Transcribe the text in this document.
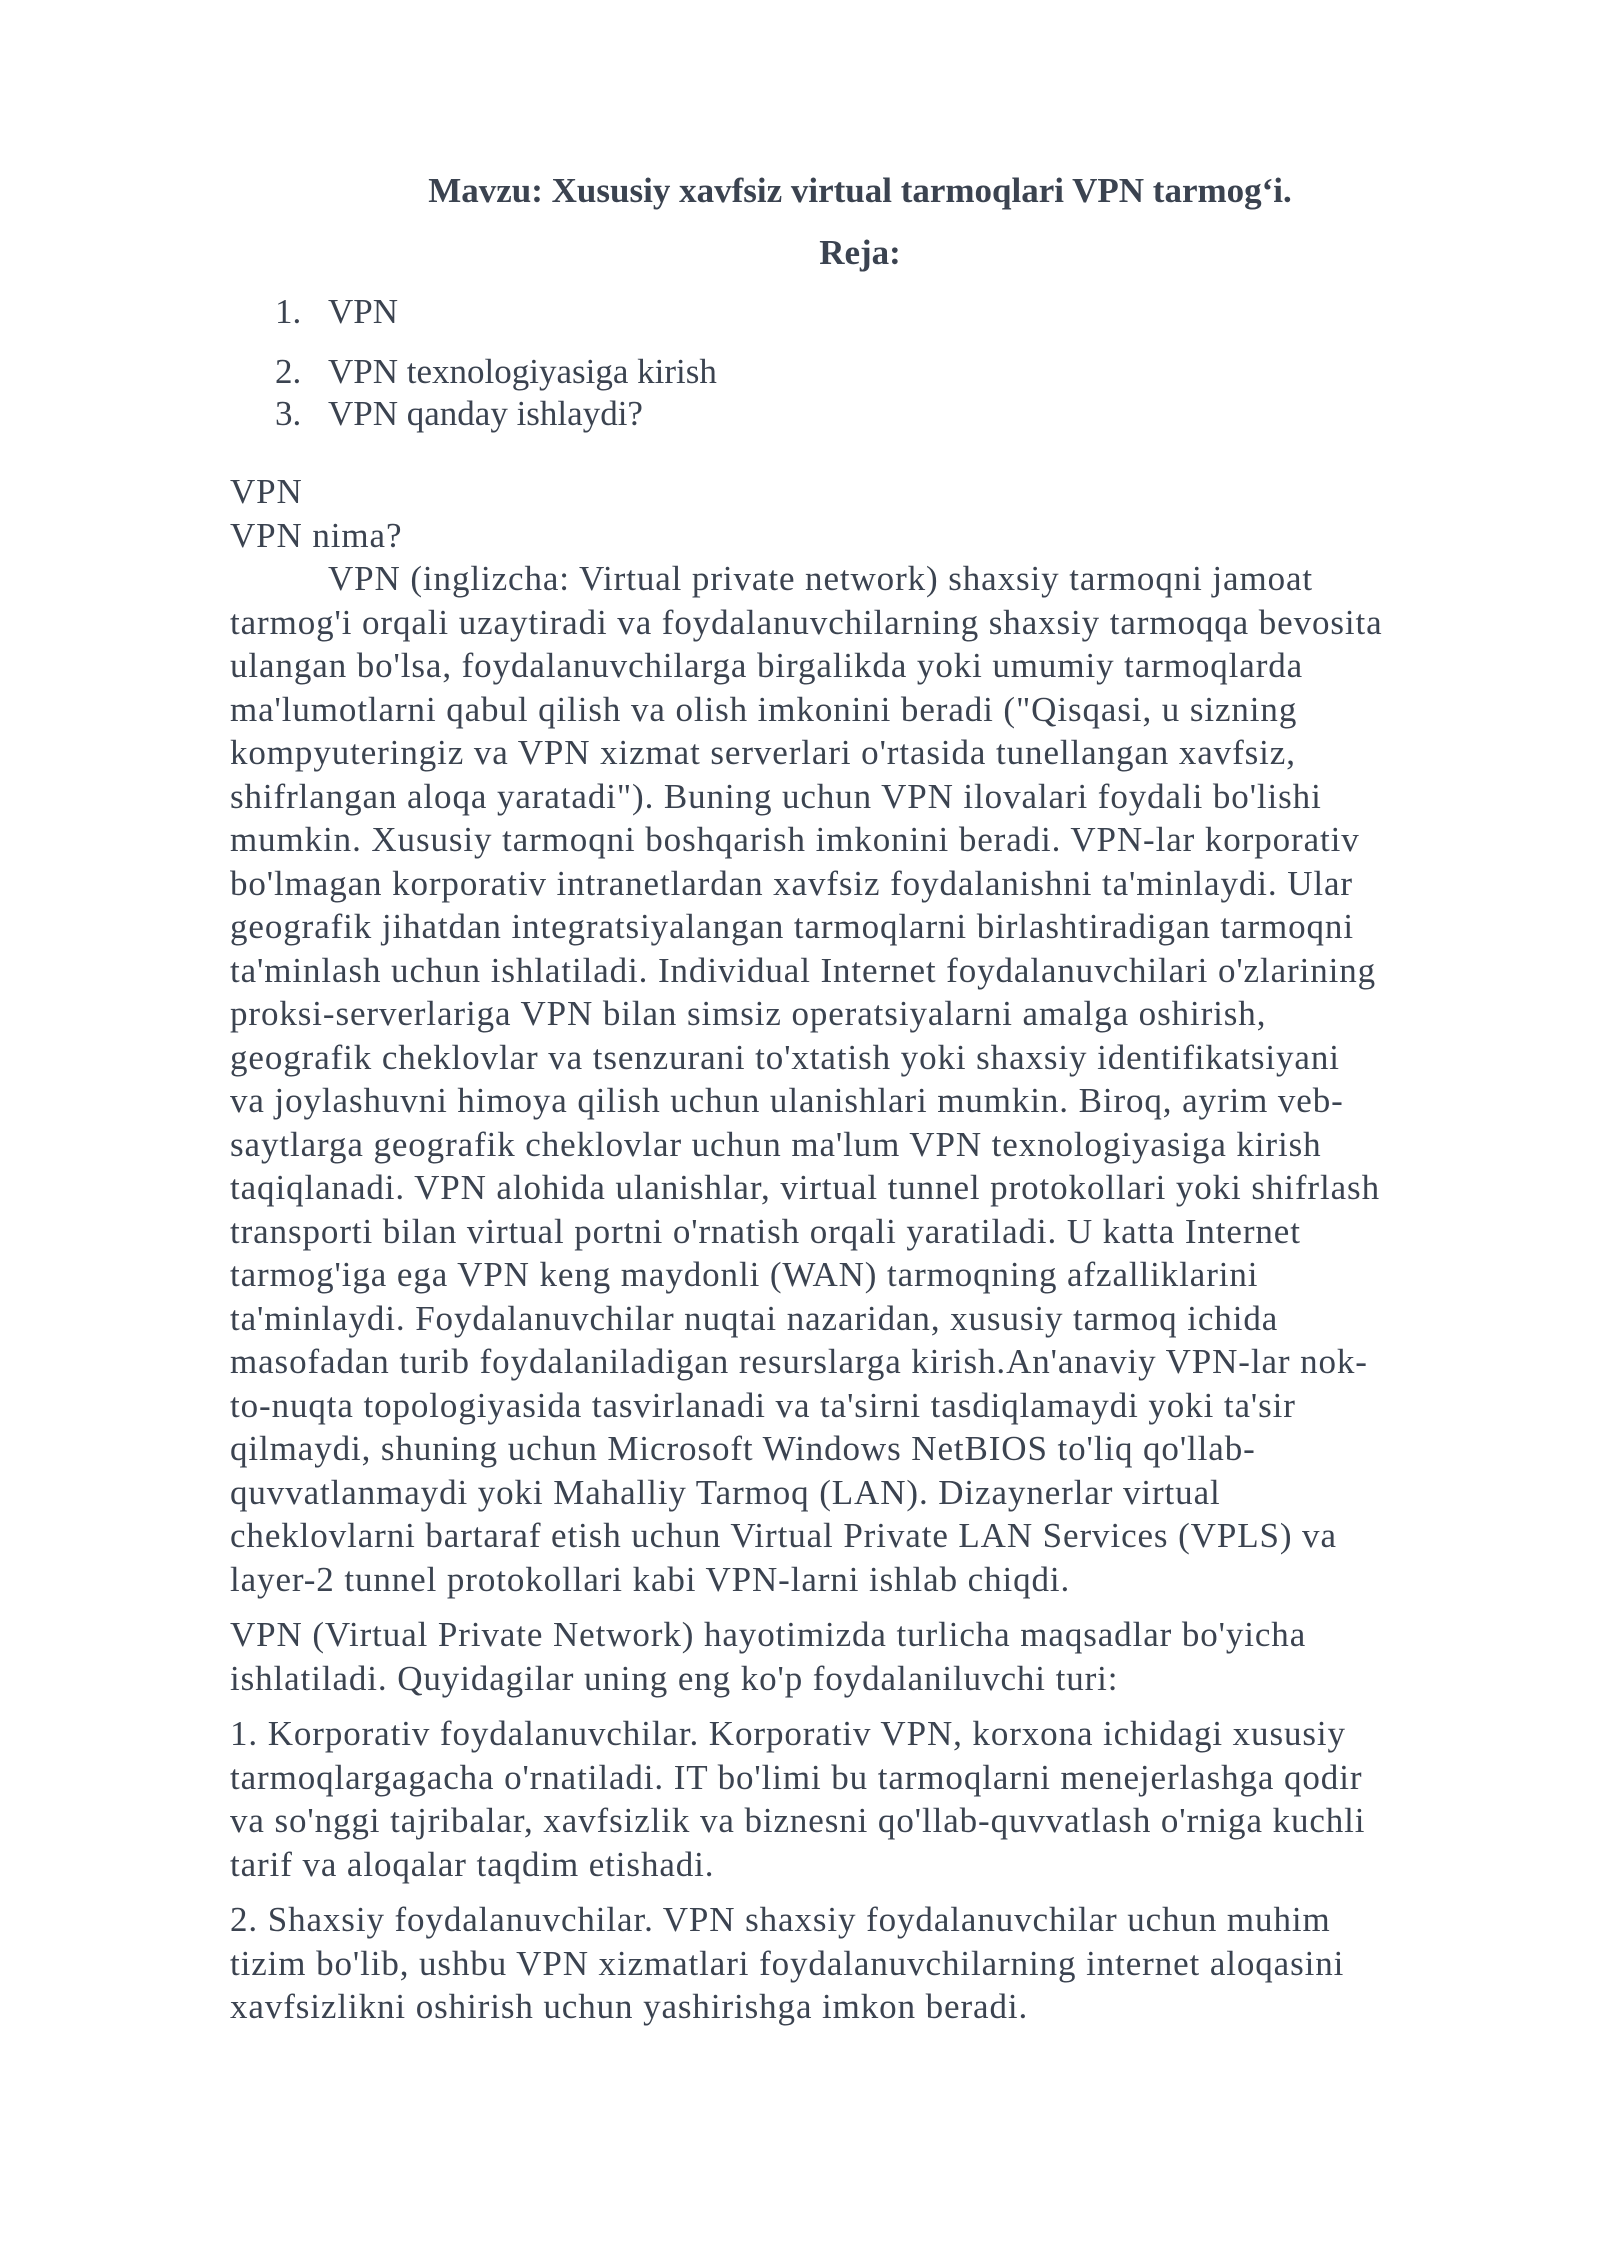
Mavzu: Xususiy xavfsiz virtual tarmoqlari VPN tarmog‘i.
Reja:
1. VPN
2. VPN texnologiyasiga kirish
3. VPN qanday ishlaydi?

VPN

VPN nima?

VPN (inglizcha: Virtual private network) shaxsiy tarmoqni jamoat
tarmog'i orqali uzaytiradi va foydalanuvchilarning shaxsiy tarmoqqa bevosita
ulangan bo'lsa, foydalanuvchilarga birgalikda yoki umumiy tarmoqlarda
ma'lumotlarni qabul qilish va olish imkonini beradi ("Qisqasi, u sizning
kompyuteringiz va VPN xizmat serverlari o'rtasida tunellangan xavfsiz,
shifrlangan aloqa yaratadi"). Buning uchun VPN ilovalari foydali bo'lishi
mumkin. Xususiy tarmoqni boshqarish imkonini beradi. VPN-lar korporativ
bo'lmagan korporativ intranetlardan xavfsiz foydalanishni ta'minlaydi. Ular
geografik jihatdan integratsiyalangan tarmoqlarni birlashtiradigan tarmoqni
ta'minlash uchun ishlatiladi. Individual Internet foydalanuvchilari o'zlarining
proksi-serverlariga VPN bilan simsiz operatsiyalarni amalga oshirish,
geografik cheklovlar va tsenzurani to'xtatish yoki shaxsiy identifikatsiyani
va joylashuvni himoya qilish uchun ulanishlari mumkin. Biroq, ayrim veb-
saytlarga geografik cheklovlar uchun ma'lum VPN texnologiyasiga kirish
taqiqlanadi. VPN alohida ulanishlar, virtual tunnel protokollari yoki shifrlash
transporti bilan virtual portni o'rnatish orqali yaratiladi. U katta Internet
tarmog'iga ega VPN keng maydonli (WAN) tarmoqning afzalliklarini
ta'minlaydi. Foydalanuvchilar nuqtai nazaridan, xususiy tarmoq ichida
masofadan turib foydalaniladigan resurslarga kirish.An'anaviy VPN-lar nok-
to-nuqta topologiyasida tasvirlanadi va ta'sirni tasdiqlamaydi yoki ta'sir
qilmaydi, shuning uchun Microsoft Windows NetBIOS to'liq qo'llab-
quvvatlanmaydi yoki Mahalliy Tarmoq (LAN). Dizaynerlar virtual
cheklovlarni bartaraf etish uchun Virtual Private LAN Services (VPLS) va
layer-2 tunnel protokollari kabi VPN-larni ishlab chiqdi.

VPN (Virtual Private Network) hayotimizda turlicha maqsadlar bo'yicha
ishlatiladi. Quyidagilar uning eng ko'p foydalaniluvchi turi:

1. Korporativ foydalanuvchilar. Korporativ VPN, korxona ichidagi xususiy
tarmoqlargagacha o'rnatiladi. IT bo'limi bu tarmoqlarni menejerlashga qodir
va so'nggi tajribalar, xavfsizlik va biznesni qo'llab-quvvatlash o'rniga kuchli
tarif va aloqalar taqdim etishadi.

2. Shaxsiy foydalanuvchilar. VPN shaxsiy foydalanuvchilar uchun muhim
tizim bo'lib, ushbu VPN xizmatlari foydalanuvchilarning internet aloqasini
xavfsizlikni oshirish uchun yashirishga imkon beradi.
